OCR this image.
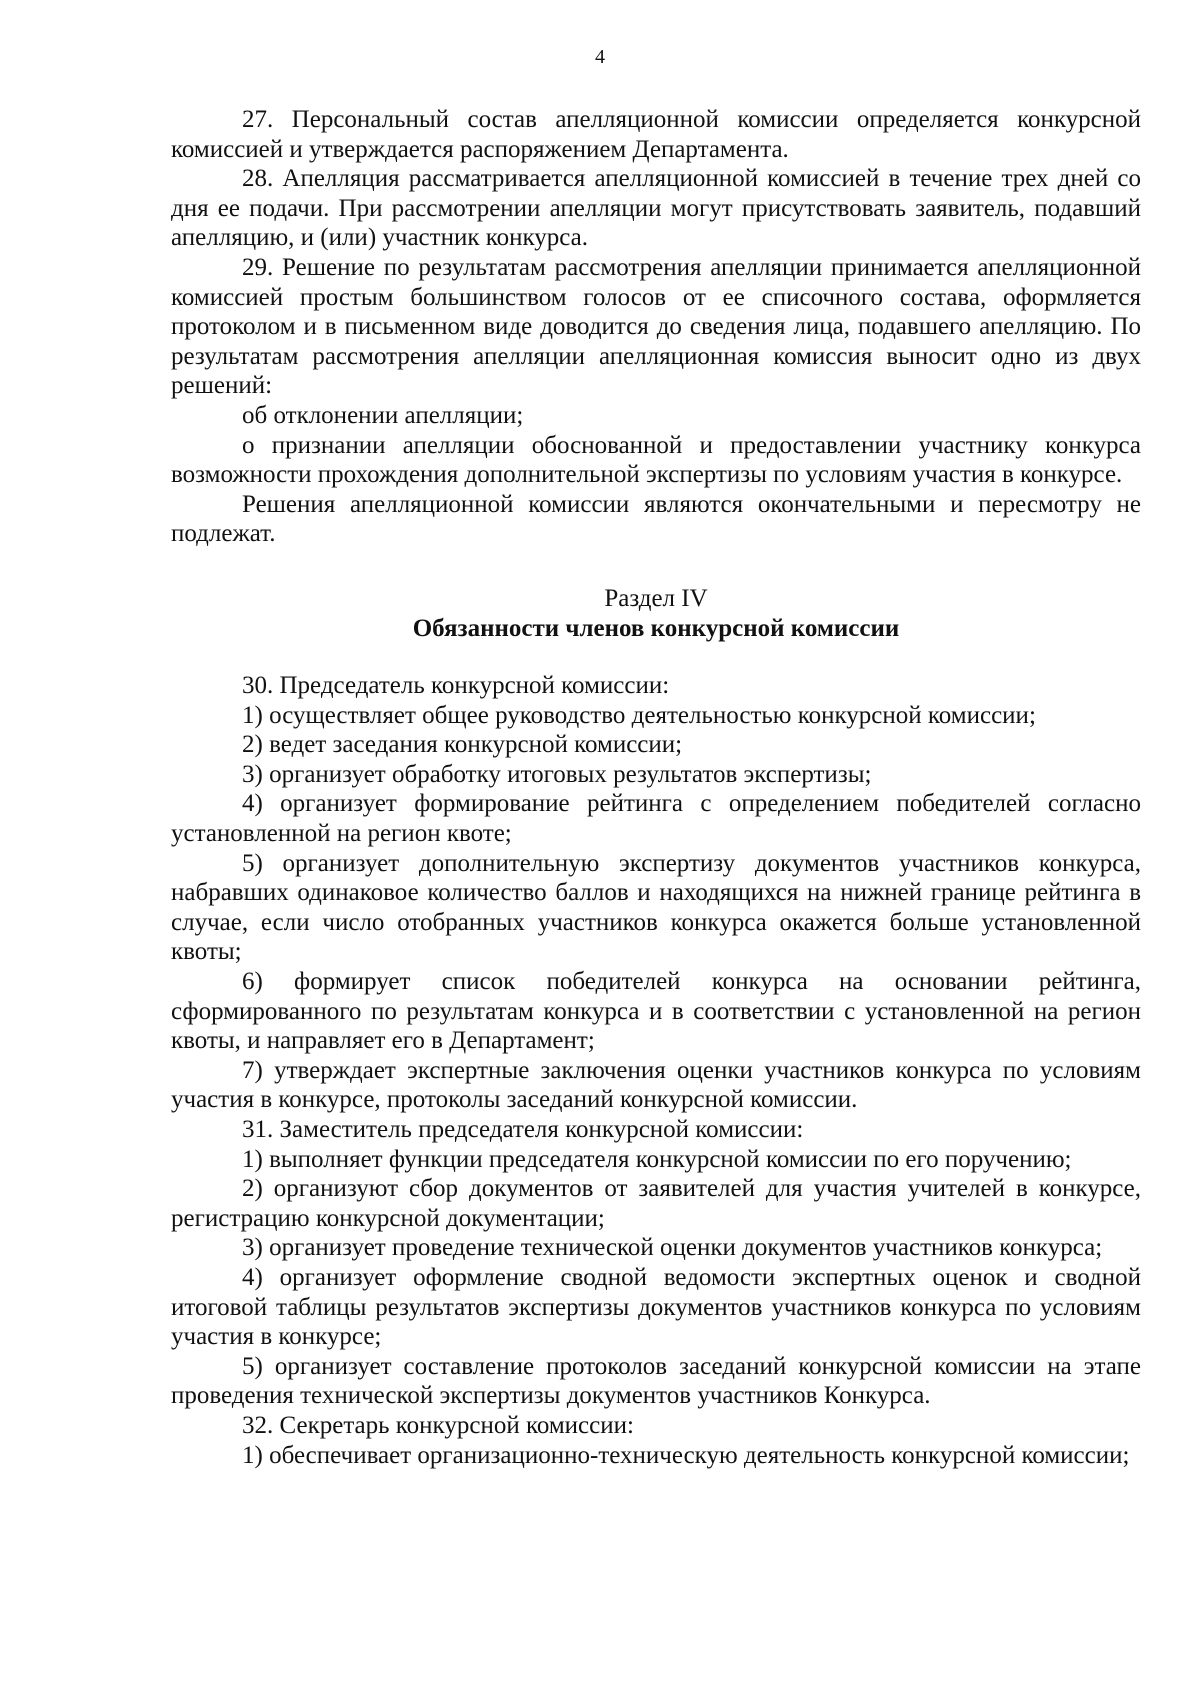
4

27. Персональный состав апелляционной комиссии определяется конкурсной комиссией и утверждается распоряжением Департамента.

28. Апелляция рассматривается апелляционной комиссией в течение трех дней со дня ее подачи. При рассмотрении апелляции могут присутствовать заявитель, подавший апелляцию, и (или) участник конкурса.

29. Решение по результатам рассмотрения апелляции принимается апелляционной комиссией простым большинством голосов от ее списочного состава, оформляется протоколом и в письменном виде доводится до сведения лица, подавшего апелляцию. По результатам рассмотрения апелляции апелляционная комиссия выносит одно из двух решений:

об отклонении апелляции;

о признании апелляции обоснованной и предоставлении участнику конкурса возможности прохождения дополнительной экспертизы по условиям участия в конкурсе.

Решения апелляционной комиссии являются окончательными и пересмотру не подлежат.

Раздел IV

Обязанности членов конкурсной комиссии

30. Председатель конкурсной комиссии:

1) осуществляет общее руководство деятельностью конкурсной комиссии;

2) ведет заседания конкурсной комиссии;

3) организует обработку итоговых результатов экспертизы;

4) организует формирование рейтинга с определением победителей согласно установленной на регион квоте;

5) организует дополнительную экспертизу документов участников конкурса, набравших одинаковое количество баллов и находящихся на нижней границе рейтинга в случае, если число отобранных участников конкурса окажется больше установленной квоты;

6) формирует список победителей конкурса на основании рейтинга, сформированного по результатам конкурса и в соответствии с установленной на регион квоты, и направляет его в Департамент;

7) утверждает экспертные заключения оценки участников конкурса по условиям участия в конкурсе, протоколы заседаний конкурсной комиссии.

31. Заместитель председателя конкурсной комиссии:

1) выполняет функции председателя конкурсной комиссии по его поручению;

2) организуют сбор документов от заявителей для участия учителей в конкурсе, регистрацию конкурсной документации;

3) организует проведение технической оценки документов участников конкурса;

4) организует оформление сводной ведомости экспертных оценок и сводной итоговой таблицы результатов экспертизы документов участников конкурса по условиям участия в конкурсе;

5) организует составление протоколов заседаний конкурсной комиссии на этапе проведения технической экспертизы документов участников Конкурса.

32. Секретарь конкурсной комиссии:

1) обеспечивает организационно-техническую деятельность конкурсной комиссии;
